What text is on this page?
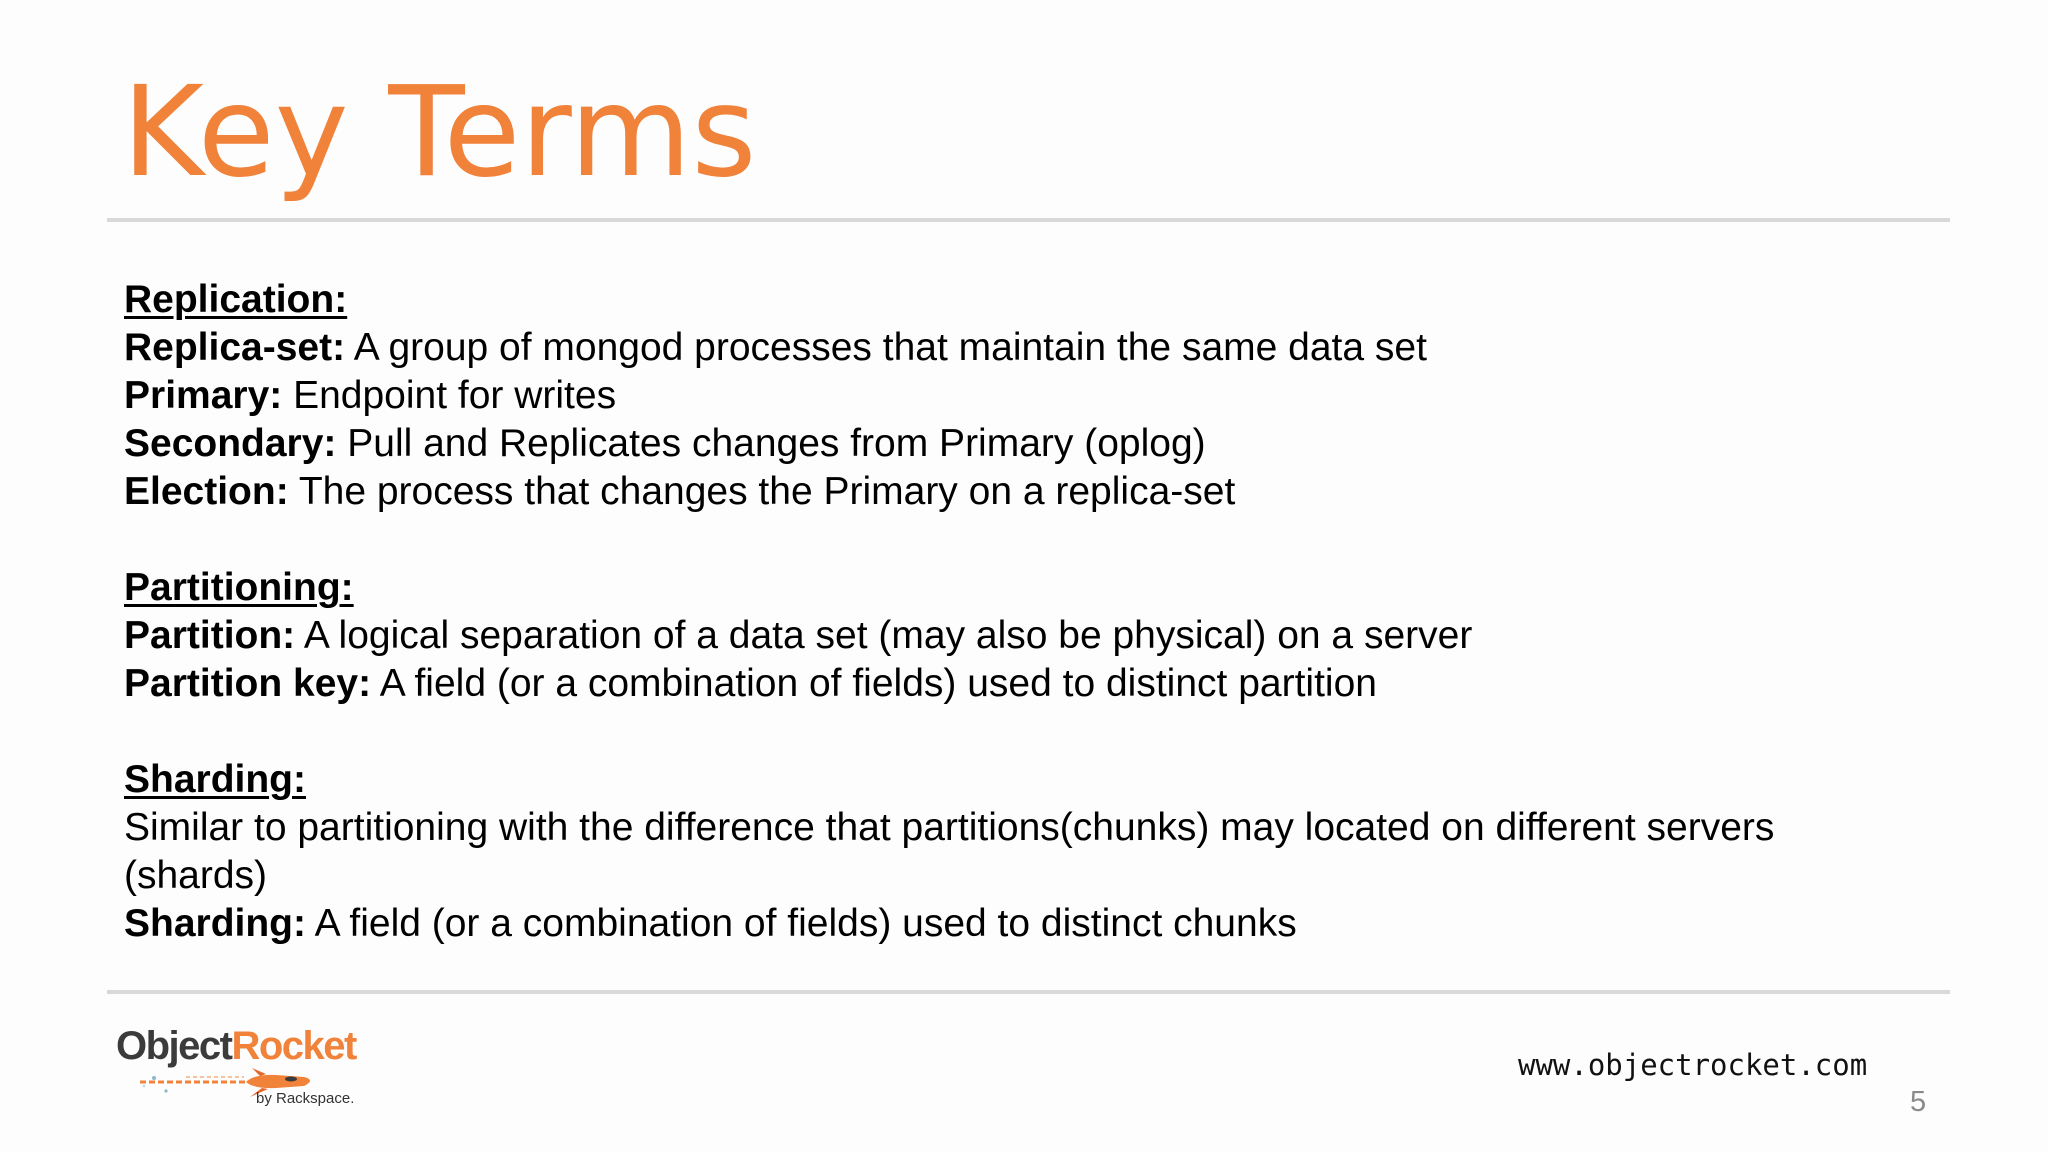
Key Terms
Replication:
Replica-set: A group of mongod processes that maintain the same data set
Primary: Endpoint for writes
Secondary: Pull and Replicates changes from Primary (oplog)
Election: The process that changes the Primary on a replica-set
Partitioning:
Partition: A logical separation of a data set (may also be physical) on a server
Partition key: A field (or a combination of fields) used to distinct partition
Sharding:
Similar to partitioning with the difference that partitions(chunks) may located on different servers (shards)
Sharding: A field (or a combination of fields) used to distinct chunks
ObjectRocket
by Rackspace.
www.objectrocket.com
5
